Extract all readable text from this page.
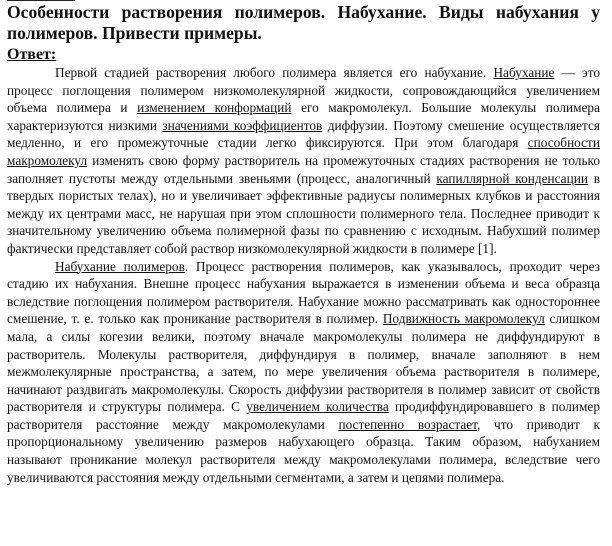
Особенности растворения полимеров. Набухание. Виды набухания у полимеров. Привести примеры.
Ответ:

Первой стадией растворения любого полимера является его набухание. Набухание — это процесс поглощения полимером низкомолекулярной жидкости, сопровождающийся увеличением объема полимера и изменением конформаций его макромолекул. Большие молекулы полимера характеризуются низкими значениями коэффициентов диффузии. Поэтому смешение осуществляется медленно, и его промежуточные стадии легко фиксируются. При этом благодаря способности макромолекул изменять свою форму растворитель на промежуточных стадиях растворения не только заполняет пустоты между отдельными звеньями (процесс, аналогичный капиллярной конденсации в твердых пористых телах), но и увеличивает эффективные радиусы полимерных клубков и расстояния между их центрами масс, не нарушая при этом сплошности полимерного тела. Последнее приводит к значительному увеличению объема полимерной фазы по сравнению с исходным. Набухший полимер фактически представляет собой раствор низкомолекулярной жидкости в полимере [1].

Набухание полимеров. Процесс растворения полимеров, как указывалось, проходит через стадию их набухания. Внешне процесс набухания выражается в изменении объема и веса образца вследствие поглощения полимером растворителя. Набухание можно рассматривать как одностороннее смешение, т. е. только как проникание растворителя в полимер. Подвижность макромолекул слишком мала, а силы когезии велики, поэтому вначале макромолекулы полимера не диффундируют в растворитель. Молекулы растворителя, диффундируя в полимер, вначале заполняют в нем межмолекулярные пространства, а затем, по мере увеличения объема растворителя в полимере, начинают раздвигать макромолекулы. Скорость диффузии растворителя в полимер зависит от свойств растворителя и структуры полимера. С увеличением количества продиффундировавшего в полимер растворителя расстояние между макромолекулами постепенно возрастает, что приводит к пропорциональному увеличению размеров набухающего образца. Таким образом, набуханием называют проникание молекул растворителя между макромолекулами полимера, вследствие чего увеличиваются расстояния между отдельными сегментами, а затем и цепями полимера.
